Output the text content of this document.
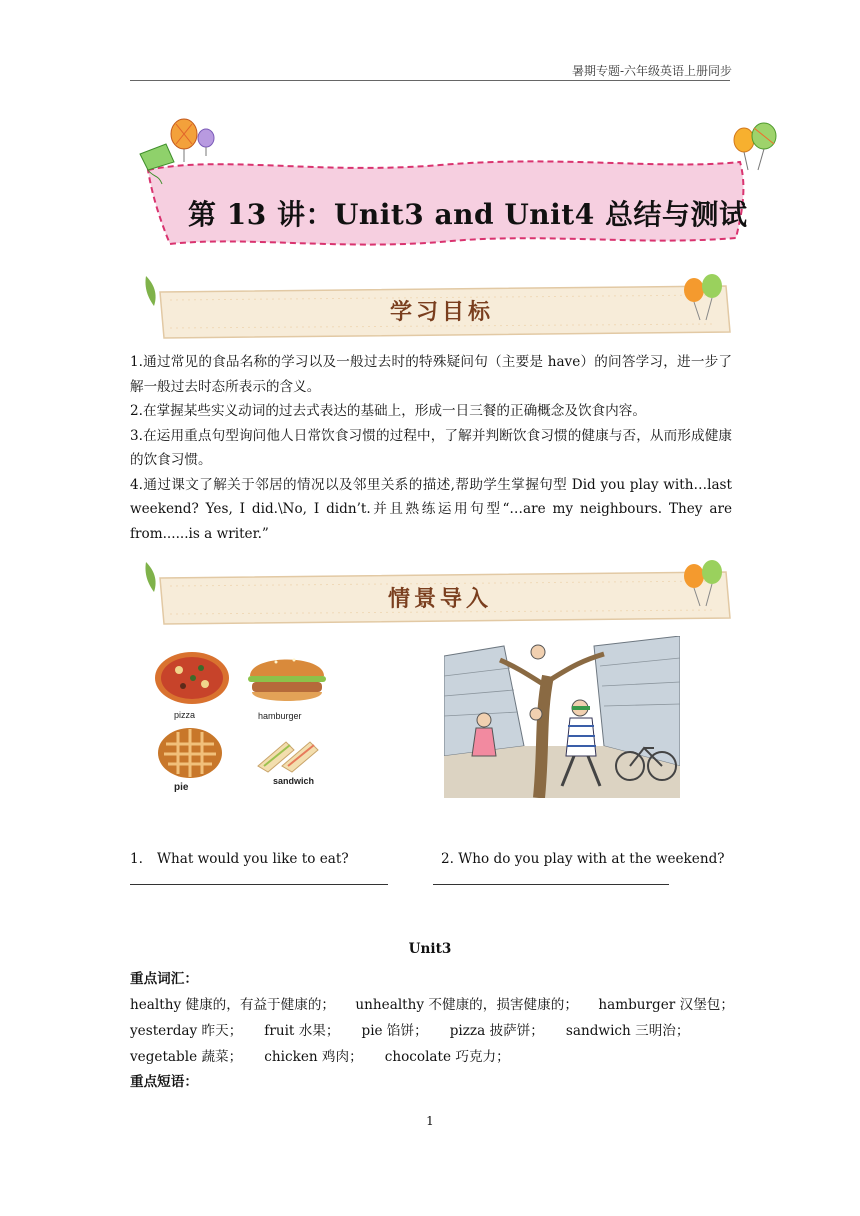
暑期专题-六年级英语上册同步
第 13 讲：Unit3 and Unit4 总结与测试
学习目标

1.通过常见的食品名称的学习以及一般过去时的特殊疑问句（主要是 have）的问答学习，进一步了解一般过去时态所表示的含义。

2.在掌握某些实义动词的过去式表达的基础上，形成一日三餐的正确概念及饮食内容。

3.在运用重点句型询问他人日常饮食习惯的过程中，了解并判断饮食习惯的健康与否，从而形成健康的饮食习惯。

4.通过课文了解关于邻居的情况以及邻里关系的描述,帮助学生掌握句型 Did you play with…last weekend? Yes, I did.\No, I didn’t.并且熟练运用句型“…are my neighbours. They are from......is a writer.”

情景导入
pizza	hamburger
pie
sandwich
1. What would you like to eat?	2. Who do you play with at the weekend?
Unit3
重点词汇：
healthy 健康的，有益于健康的； unhealthy 不健康的，损害健康的； hamburger 汉堡包；
yesterday 昨天； fruit 水果； pie 馅饼； pizza 披萨饼； sandwich 三明治；
vegetable 蔬菜； chicken 鸡肉； chocolate 巧克力；
重点短语：
1
